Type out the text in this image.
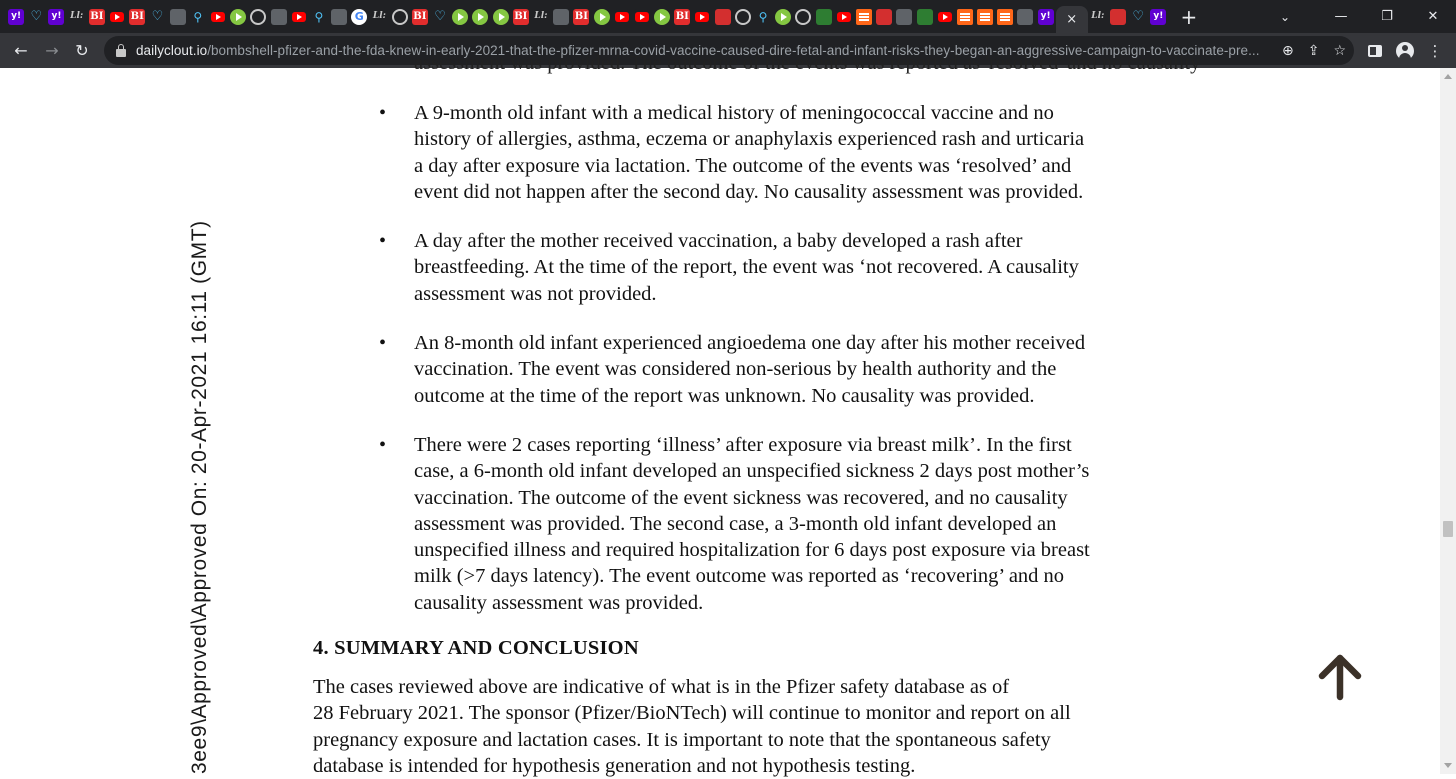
y! ♡	y! Ll: BI	BI ♡	⚲	⚲	G	Ll:	BI ♡	BI Ll:	BI	BI	⚲	y! × Ll: ♡	y! +	⌄	—	❐	✕
← → ↻	dailyclout.io/bombshell-pfizer-and-the-fda-knew-in-early-2021-that-the-pfizer-mrna-covid-vaccine-caused-dire-fetal-and-infant-risks-they-began-an-aggressive-campaign-to-vaccinate-pre... ⊕ ⇪ ☆	⋮
assessment was provided. The outcome of the events was reported as 'resolved' and no causality
• A 9-month old infant with a medical history of meningococcal vaccine and no
history of allergies, asthma, eczema or anaphylaxis experienced rash and urticaria
a day after exposure via lactation. The outcome of the events was ‘resolved’ and
event did not happen after the second day. No causality assessment was provided.
• A day after the mother received vaccination, a baby developed a rash after
breastfeeding. At the time of the report, the event was ‘not recovered. A causality
assessment was not provided.
• An 8-month old infant experienced angioedema one day after his mother received
vaccination. The event was considered non-serious by health authority and the
outcome at the time of the report was unknown. No causality was provided.
• There were 2 cases reporting ‘illness’ after exposure via breast milk’. In the first
case, a 6-month old infant developed an unspecified sickness 2 days post mother’s
vaccination. The outcome of the event sickness was recovered, and no causality
assessment was provided. The second case, a 3-month old infant developed an
unspecified illness and required hospitalization for 6 days post exposure via breast
milk (>7 days latency). The event outcome was reported as ‘recovering’ and no
causality assessment was provided.
4. SUMMARY AND CONCLUSION
The cases reviewed above are indicative of what is in the Pfizer safety database as of
28 February 2021. The sponsor (Pfizer/BioNTech) will continue to monitor and report on all
pregnancy exposure and lactation cases. It is important to note that the spontaneous safety
database is intended for hypothesis generation and not hypothesis testing.
3ee9\Approved\Approved On: 20-Apr-2021 16:11 (GMT)
